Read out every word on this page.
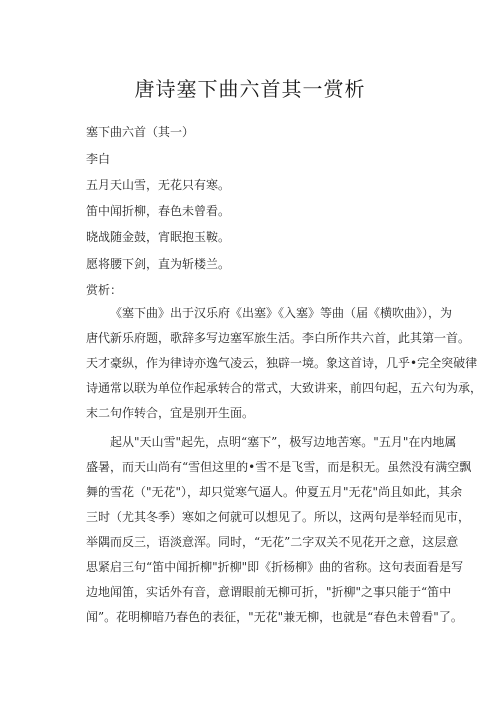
唐诗塞下曲六首其一赏析
塞下曲六首（其一）
李白
五月天山雪，无花只有寒。
笛中闻折柳，春色未曾看。
晓战随金鼓，宵眠抱玉鞍。
愿将腰下剑，直为斩楼兰。
赏析：

《塞下曲》出于汉乐府《出塞》《入塞》等曲（届《横吹曲》），为

唐代新乐府题，歌辞多写边塞军旅生活。李白所作共六首，此其第一首。

天才豪纵，作为律诗亦逸气凌云，独辟一境。象这首诗，几乎•完全突破律

诗通常以联为单位作起承转合的常式，大致讲来，前四句起，五六句为承，

末二句作转合，宜是别开生面。

起从"天山雪"起先，点明“塞下”，极写边地苦寒。"五月"在内地属

盛暑，而天山尚有“雪但这里的•雪不是飞雪，而是积无。虽然没有满空飘

舞的雪花（"无花"），却只觉寒气逼人。仲夏五月"无花"尚且如此，其余

三时（尤其冬季）寒如之何就可以想见了。所以，这两句是举轻而见市，

举隅而反三，语淡意浑。同时，“无花”二字双关不见花开之意，这层意

思紧启三句“笛中闻折柳"折柳"即《折杨柳》曲的省称。这句表面看是写

边地闻笛，实话外有音，意谓眼前无柳可折，"折柳"之事只能于“笛中

闻”。花明柳暗乃春色的表征，"无花"兼无柳，也就是“春色未曾看"了。
